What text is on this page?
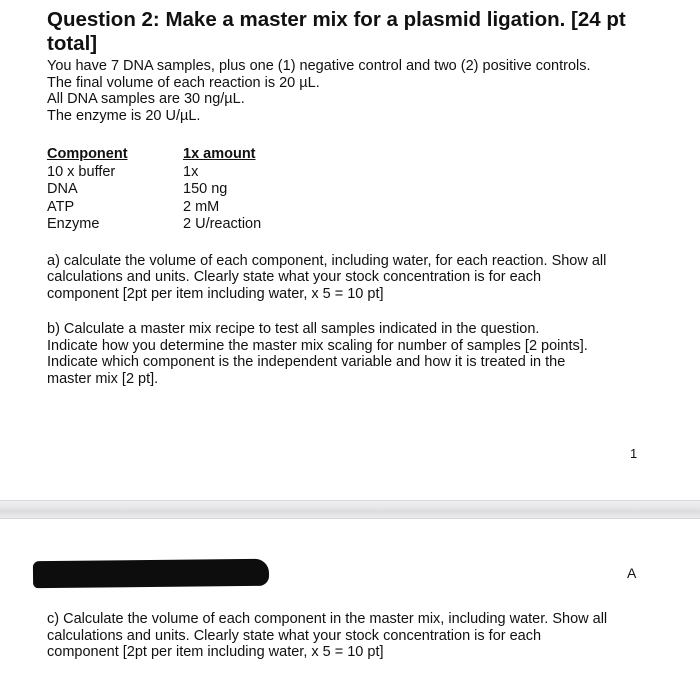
Question 2: Make a master mix for a plasmid ligation. [24 pt
total]
You have 7 DNA samples, plus one (1) negative control and two (2) positive controls.
The final volume of each reaction is 20 µL.
All DNA samples are 30 ng/µL.
The enzyme is 20 U/µL.
Component	1x amount
10 x buffer	1x
DNA	150 ng
ATP	2 mM
Enzyme	2 U/reaction
a) calculate the volume of each component, including water, for each reaction. Show all
calculations and units. Clearly state what your stock concentration is for each
component [2pt per item including water, x 5 = 10 pt]
b) Calculate a master mix recipe to test all samples indicated in the question.
Indicate how you determine the master mix scaling for number of samples [2 points].
Indicate which component is the independent variable and how it is treated in the
master mix [2 pt].
1
A
c) Calculate the volume of each component in the master mix, including water. Show all
calculations and units. Clearly state what your stock concentration is for each
component [2pt per item including water, x 5 = 10 pt]
